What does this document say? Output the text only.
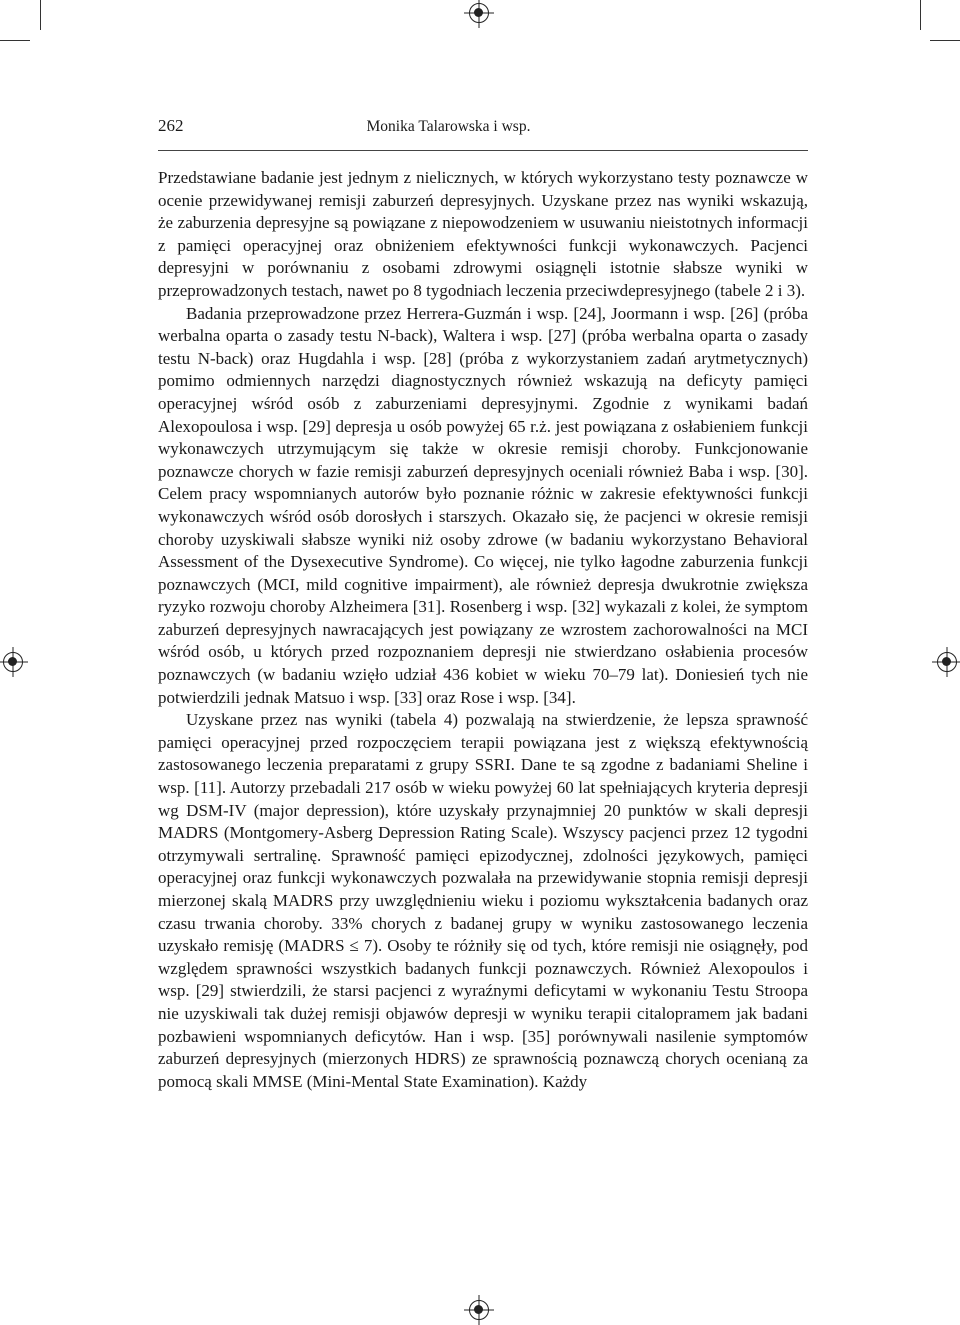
262	Monika Talarowska i wsp.

Przedstawiane badanie jest jednym z nielicznych, w których wykorzystano testy poznawcze w ocenie przewidywanej remisji zaburzeń depresyjnych. Uzyskane przez nas wyniki wskazują, że zaburzenia depresyjne są powiązane z niepowodzeniem w usuwaniu nieistotnych informacji z pamięci operacyjnej oraz obniżeniem efektywności funkcji wykonawczych. Pacjenci depresyjni w porównaniu z osobami zdrowymi osiągnęli istotnie słabsze wyniki w przeprowadzonych testach, nawet po 8 tygodniach leczenia przeciwdepresyjnego (tabele 2 i 3).

Badania przeprowadzone przez Herrera-Guzmán i wsp. [24], Joormann i wsp. [26] (próba werbalna oparta o zasady testu N-back), Waltera i wsp. [27] (próba werbalna oparta o zasady testu N-back) oraz Hugdahla i wsp. [28] (próba z wykorzystaniem zadań arytmetycznych) pomimo odmiennych narzędzi diagnostycznych również wskazują na deficyty pamięci operacyjnej wśród osób z zaburzeniami depresyjnymi. Zgodnie z wynikami badań Alexopoulosa i wsp. [29] depresja u osób powyżej 65 r.ż. jest powiązana z osłabieniem funkcji wykonawczych utrzymującym się także w okresie remisji choroby. Funkcjonowanie poznawcze chorych w fazie remisji zaburzeń depresyjnych oceniali również Baba i wsp. [30]. Celem pracy wspomnianych autorów było poznanie różnic w zakresie efektywności funkcji wykonawczych wśród osób dorosłych i starszych. Okazało się, że pacjenci w okresie remisji choroby uzyskiwali słabsze wyniki niż osoby zdrowe (w badaniu wykorzystano Behavioral Assessment of the Dysexecutive Syndrome). Co więcej, nie tylko łagodne zaburzenia funkcji poznawczych (MCI, mild cognitive impairment), ale również depresja dwukrotnie zwiększa ryzyko rozwoju choroby Alzheimera [31]. Rosenberg i wsp. [32] wykazali z kolei, że symptom zaburzeń depresyjnych nawracających jest powiązany ze wzrostem zachorowalności na MCI wśród osób, u których przed rozpoznaniem depresji nie stwierdzano osłabienia procesów poznawczych (w badaniu wzięło udział 436 kobiet w wieku 70–79 lat). Doniesień tych nie potwierdzili jednak Matsuo i wsp. [33] oraz Rose i wsp. [34].

Uzyskane przez nas wyniki (tabela 4) pozwalają na stwierdzenie, że lepsza sprawność pamięci operacyjnej przed rozpoczęciem terapii powiązana jest z większą efektywnością zastosowanego leczenia preparatami z grupy SSRI. Dane te są zgodne z badaniami Sheline i wsp. [11]. Autorzy przebadali 217 osób w wieku powyżej 60 lat spełniających kryteria depresji wg DSM-IV (major depression), które uzyskały przynajmniej 20 punktów w skali depresji MADRS (Montgomery-Asberg Depression Rating Scale). Wszyscy pacjenci przez 12 tygodni otrzymywali sertralinę. Sprawność pamięci epizodycznej, zdolności językowych, pamięci operacyjnej oraz funkcji wykonawczych pozwalała na przewidywanie stopnia remisji depresji mierzonej skalą MADRS przy uwzględnieniu wieku i poziomu wykształcenia badanych oraz czasu trwania choroby. 33% chorych z badanej grupy w wyniku zastosowanego leczenia uzyskało remisję (MADRS ≤ 7). Osoby te różniły się od tych, które remisji nie osiągnęły, pod względem sprawności wszystkich badanych funkcji poznawczych. Również Alexopoulos i wsp. [29] stwierdzili, że starsi pacjenci z wyraźnymi deficytami w wykonaniu Testu Stroopa nie uzyskiwali tak dużej remisji objawów depresji w wyniku terapii citalopramem jak badani pozbawieni wspomnianych deficytów. Han i wsp. [35] porównywali nasilenie symptomów zaburzeń depresyjnych (mierzonych HDRS) ze sprawnością poznawczą chorych ocenianą za pomocą skali MMSE (Mini-Mental State Examination). Każdy
